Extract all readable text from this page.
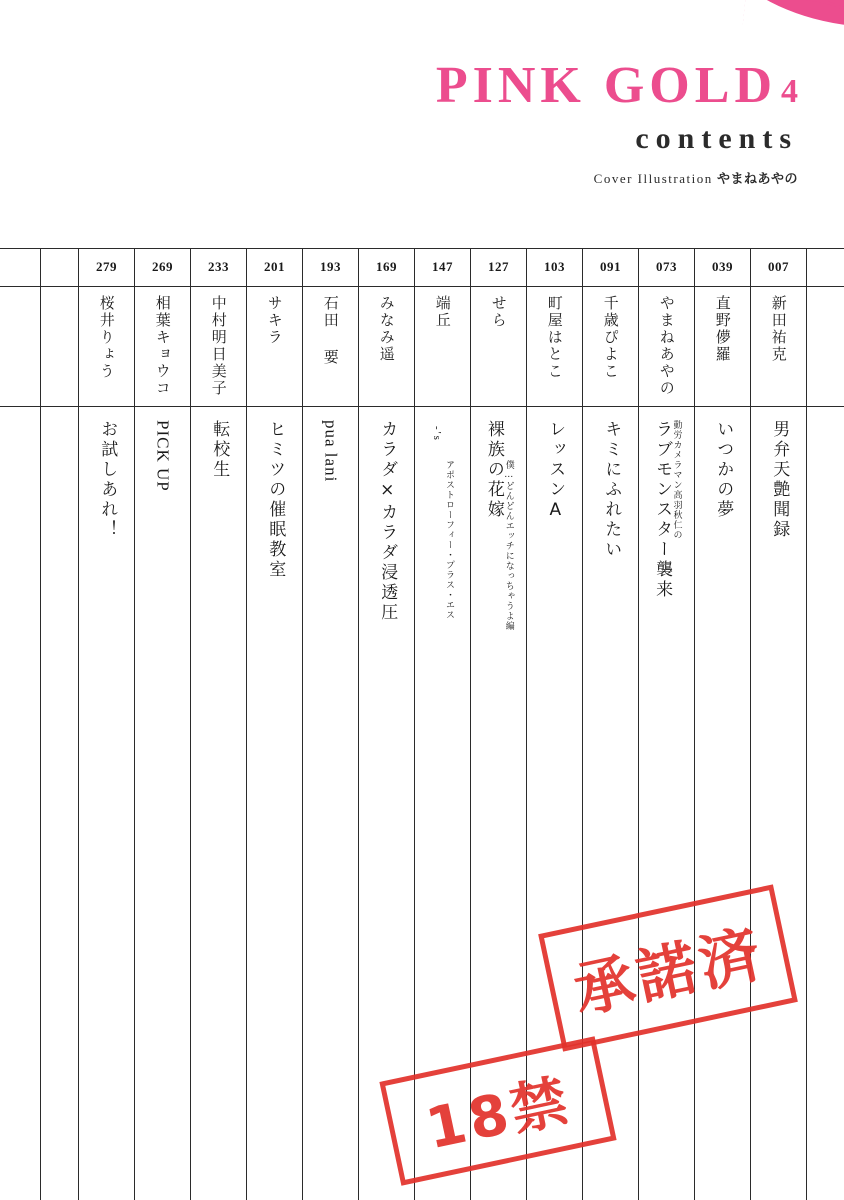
PINK GOLD 4
contents
Cover Illustration やまねあやの
007
新田祐克
男弁天艶聞録
039
直野儚羅
いつかの夢
073
やまねあやの
ラブモンスター襲来 動労カメラマン高羽秋仁の
091
千歳ぴよこ
キミにふれたい
103
町屋はとこ
レッスンA
127
せら
裸族の花嫁 僕…どんどんエッチになっちゃうよ編
147
端丘
-'s
アポストローフィー・プラス・エス
169
みなみ遥
カラダ×カラダ浸透圧
193
石田 要
pua lani
201
サキラ
ヒミツの催眠教室
233
中村明日美子
転校生
269
相葉キョウコ
PICK UP
279
桜井りょう
お試しあれ！
承諾済
18禁
